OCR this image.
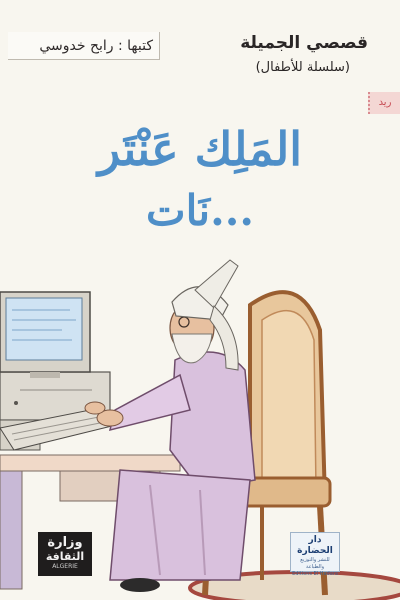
كتبها : رابح خدوسي	قصصي الجميلة
(سلسلة للأطفال)
ريد
المَلِك عَنْتَر
...نَات
وزارة
الثقافة
ALGERIE
دار الحضارة
للنشر والتوزيع والطباعة
Editions El Hadara
